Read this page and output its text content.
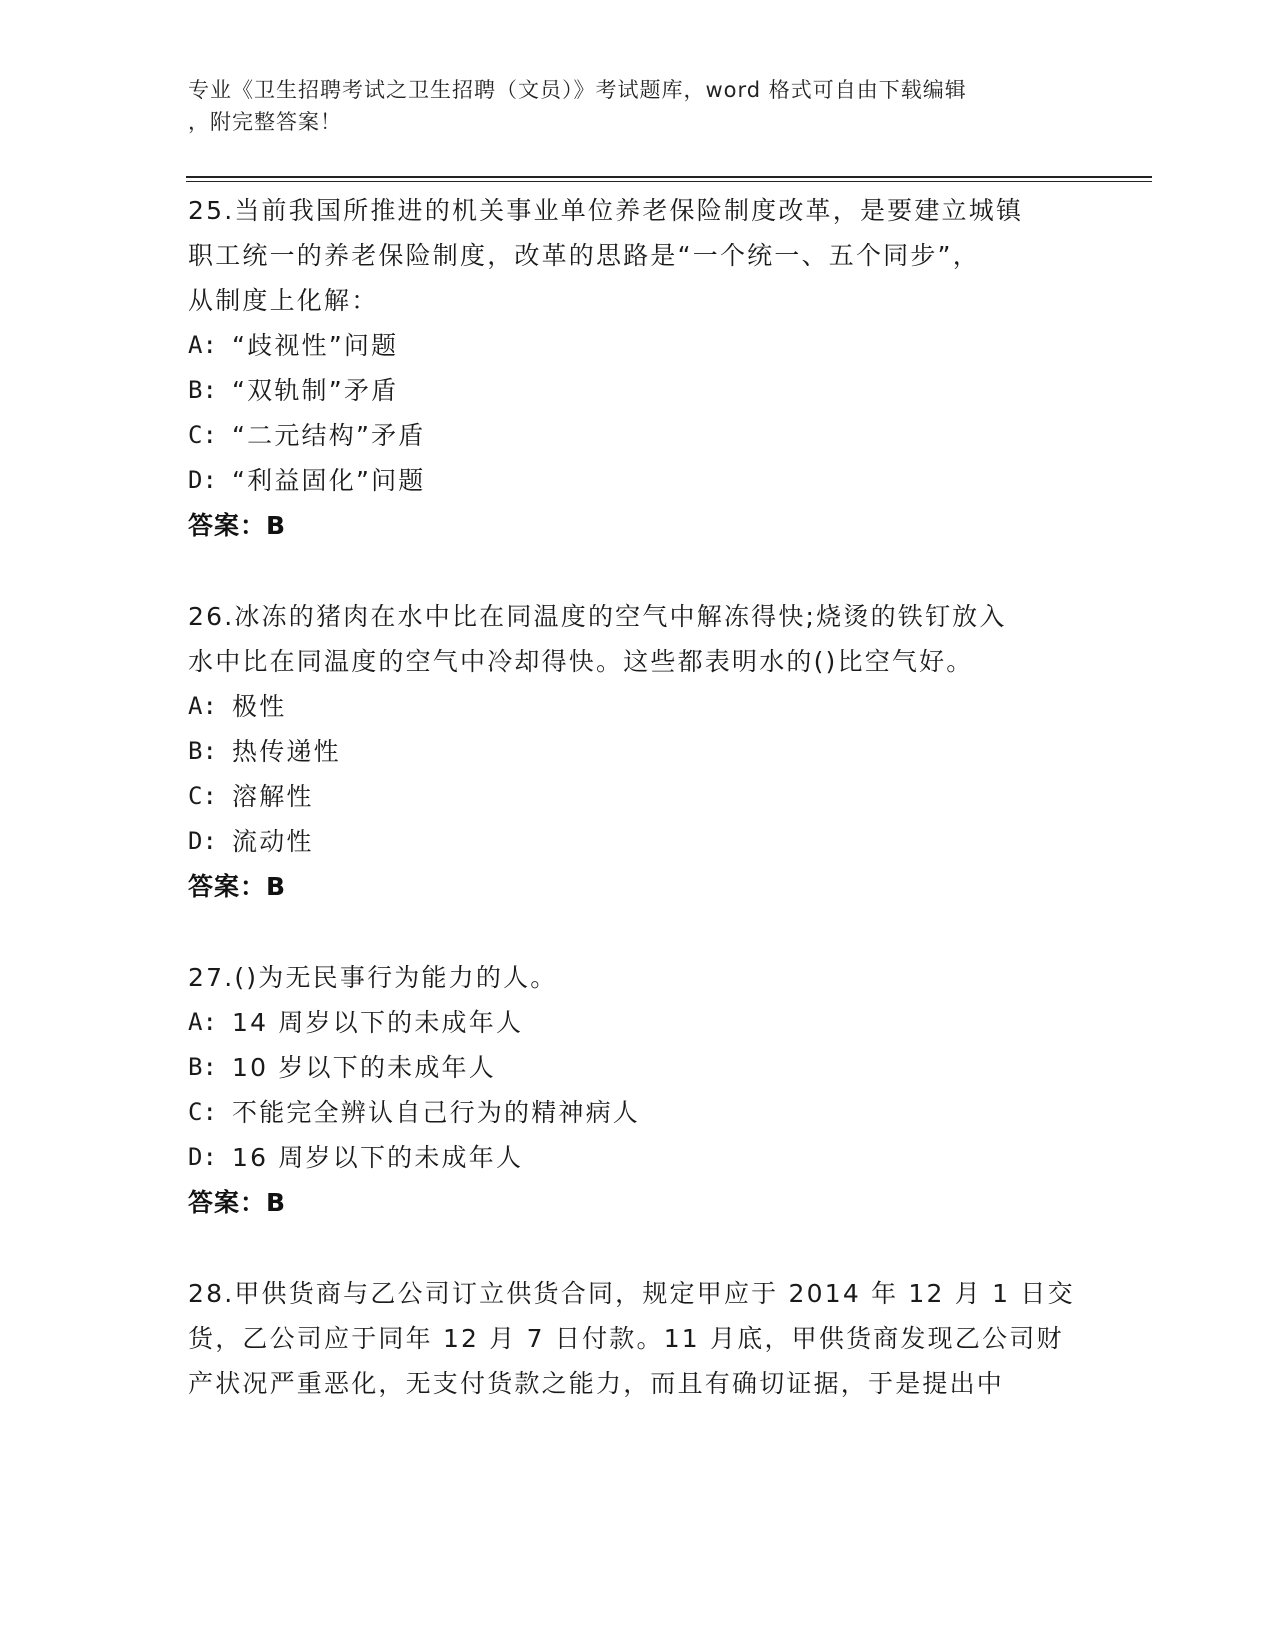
专业《卫生招聘考试之卫生招聘（文员）》考试题库，word 格式可自由下载编辑
，附完整答案！

25.当前我国所推进的机关事业单位养老保险制度改革，是要建立城镇
职工统一的养老保险制度，改革的思路是“一个统一、五个同步”，
从制度上化解：

A: “歧视性”问题
B: “双轨制”矛盾
C: “二元结构”矛盾
D: “利益固化”问题
答案：B

26.冰冻的猪肉在水中比在同温度的空气中解冻得快;烧烫的铁钉放入
水中比在同温度的空气中冷却得快。这些都表明水的()比空气好。

A: 极性
B: 热传递性
C: 溶解性
D: 流动性
答案：B

27.()为无民事行为能力的人。

A: 14 周岁以下的未成年人
B: 10 岁以下的未成年人
C: 不能完全辨认自己行为的精神病人
D: 16 周岁以下的未成年人
答案：B

28.甲供货商与乙公司订立供货合同，规定甲应于 2014 年 12 月 1 日交
货，乙公司应于同年 12 月 7 日付款。11 月底，甲供货商发现乙公司财
产状况严重恶化，无支付货款之能力，而且有确切证据，于是提出中
